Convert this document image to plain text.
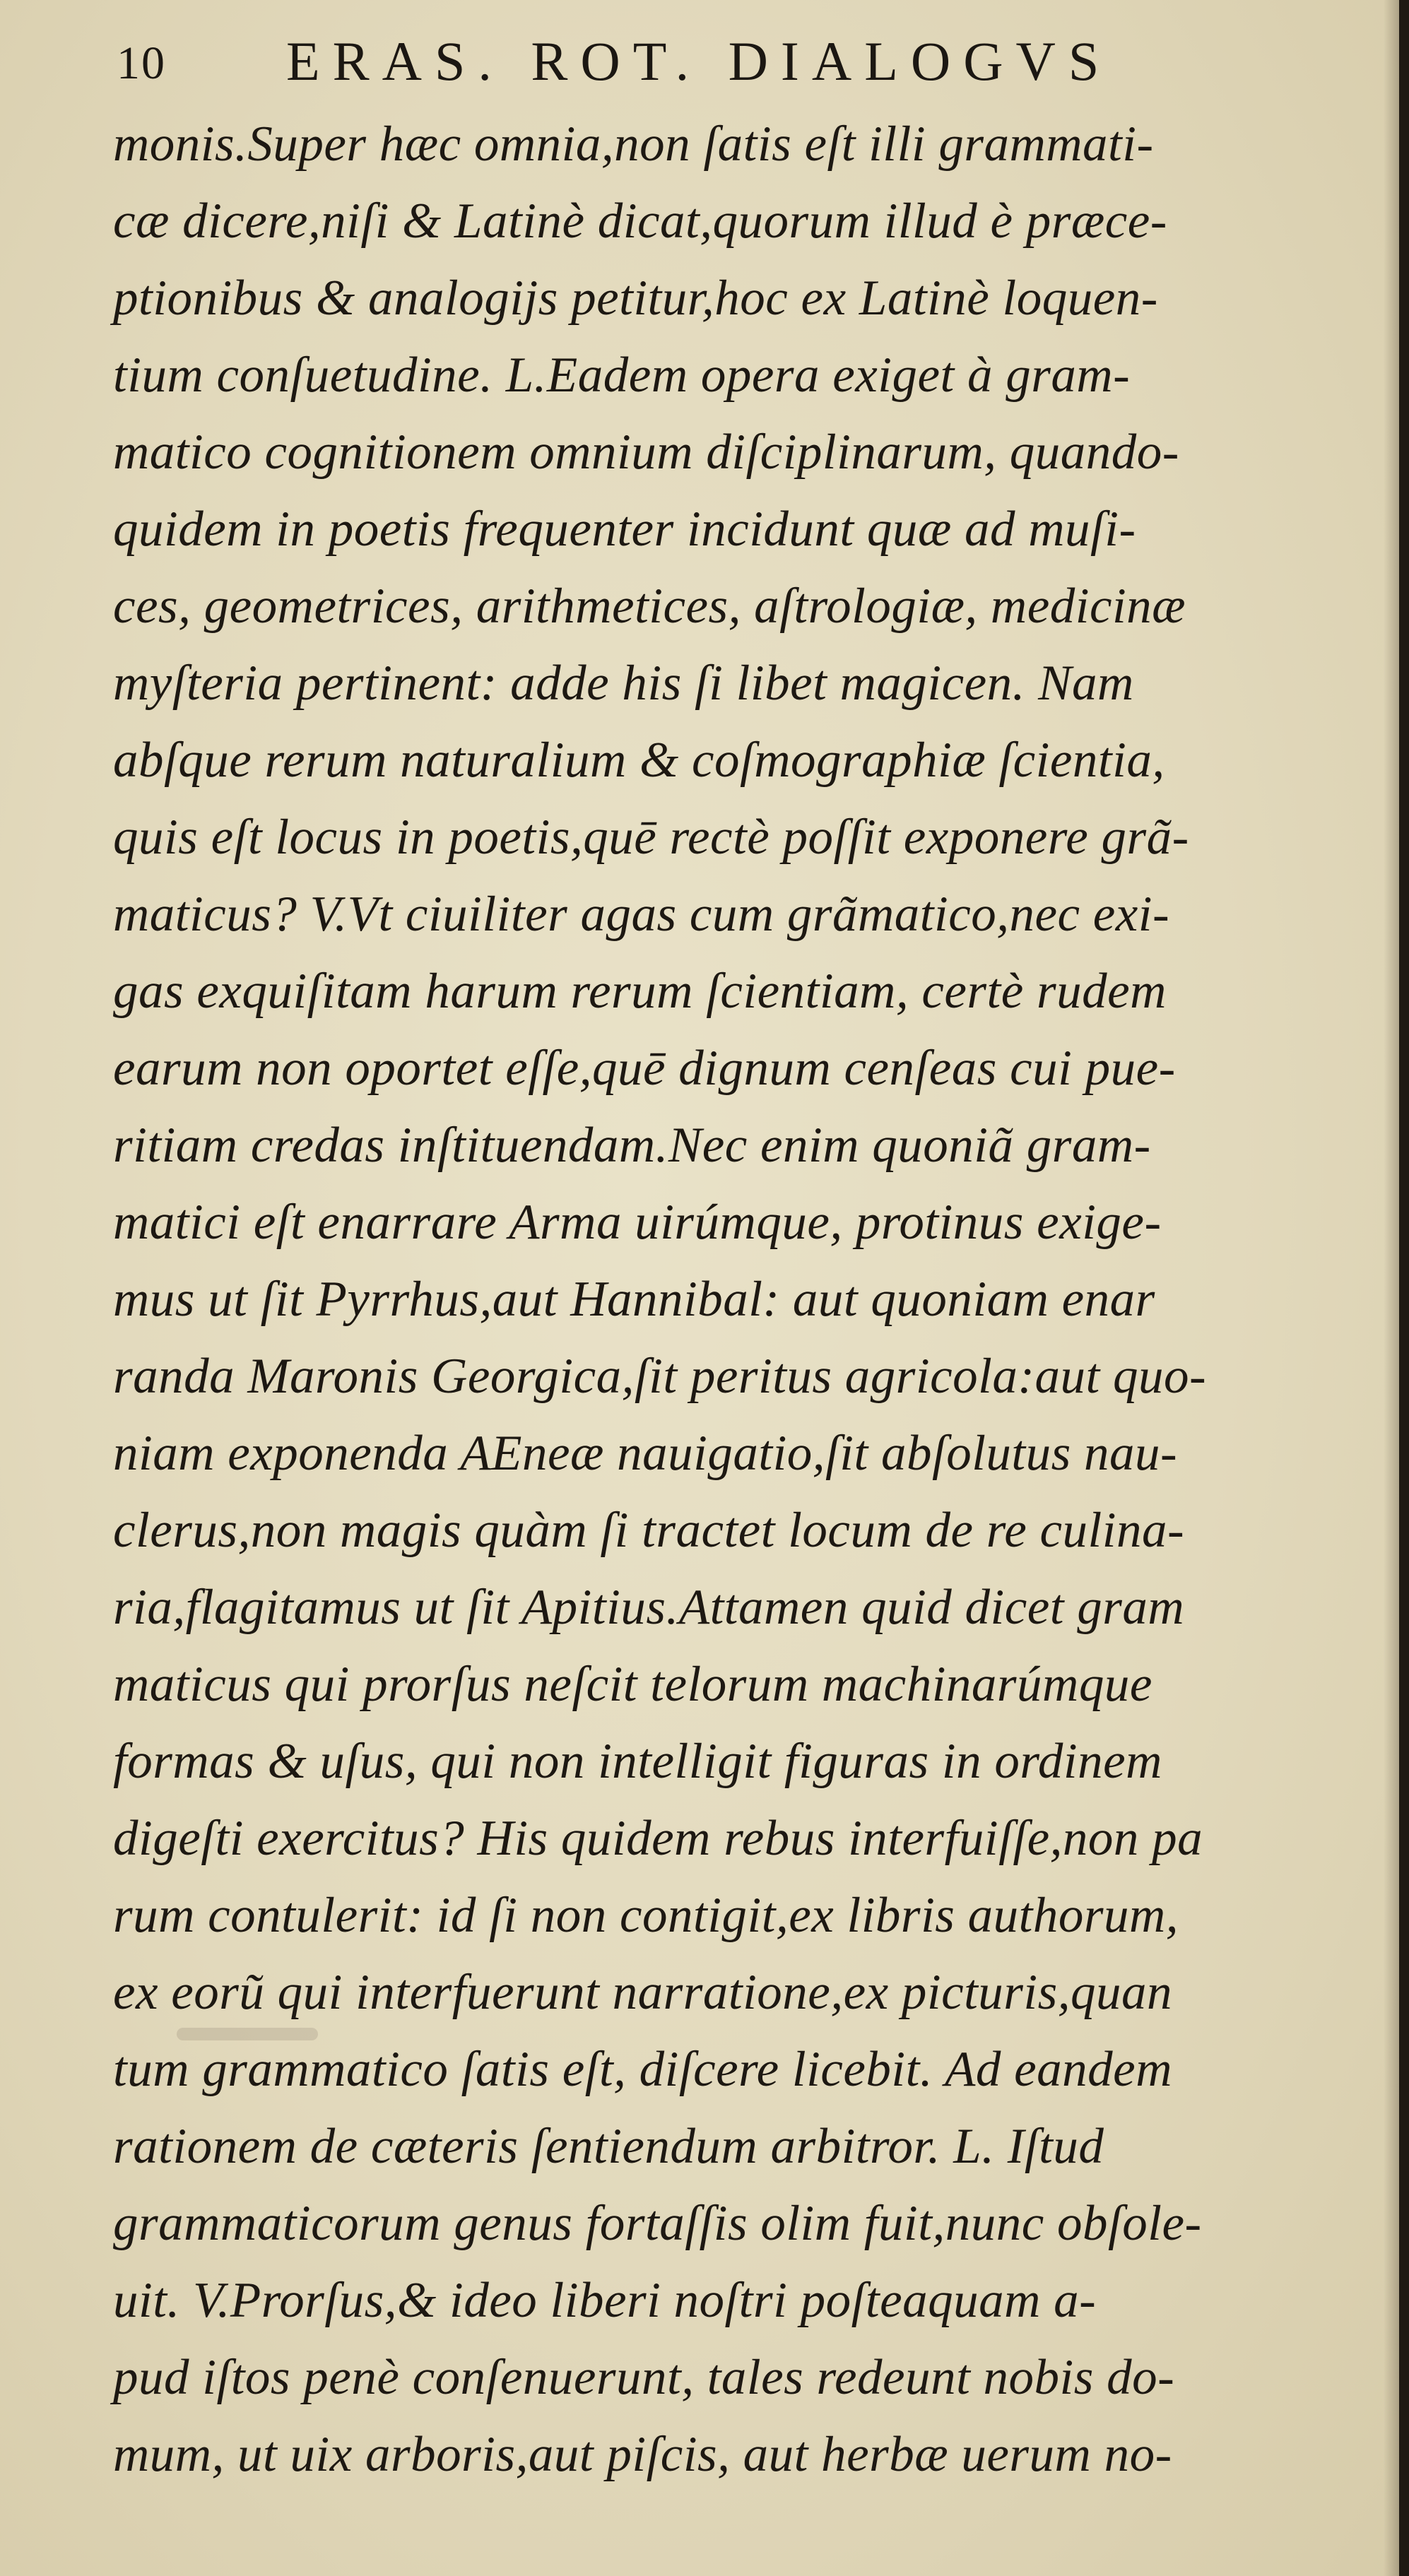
10 ERAS. ROT. DIALOGVS
monis.Super hæc omnia,non ſatis eſt illi grammati-
cæ dicere,niſi & Latinè dicat,quorum illud è præce-
ptionibus & analogijs petitur,hoc ex Latinè loquen-
tium conſuetudine. L.Eadem opera exiget à gram-
matico cognitionem omnium diſciplinarum, quando-
quidem in poetis frequenter incidunt quæ ad muſi-
ces, geometrices, arithmetices, aſtrologiæ, medicinæ
myſteria pertinent: adde his ſi libet magicen. Nam
abſque rerum naturalium & coſmographiæ ſcientia,
quis eſt locus in poetis,quē rectè poſſit exponere grã-
maticus? V.Vt ciuiliter agas cum grãmatico,nec exi-
gas exquiſitam harum rerum ſcientiam, certè rudem
earum non oportet eſſe,quē dignum cenſeas cui pue-
ritiam credas inſtituendam.Nec enim quoniã gram-
matici eſt enarrare Arma uirúmque, protinus exige-
mus ut ſit Pyrrhus,aut Hannibal: aut quoniam enar
randa Maronis Georgica,ſit peritus agricola:aut quo-
niam exponenda AEneæ nauigatio,ſit abſolutus nau-
clerus,non magis quàm ſi tractet locum de re culina-
ria,flagitamus ut ſit Apitius.Attamen quid dicet gram
maticus qui prorſus neſcit telorum machinarúmque
formas & uſus, qui non intelligit figuras in ordinem
digeſti exercitus? His quidem rebus interfuiſſe,non pa
rum contulerit: id ſi non contigit,ex libris authorum,
ex eorũ qui interfuerunt narratione,ex picturis,quan
tum grammatico ſatis eſt, diſcere licebit. Ad eandem
rationem de cæteris ſentiendum arbitror. L. Iſtud
grammaticorum genus fortaſſis olim fuit,nunc obſole-
uit. V.Prorſus,& ideo liberi noſtri poſteaquam a-
pud iſtos penè conſenuerunt, tales redeunt nobis do-
mum, ut uix arboris,aut piſcis, aut herbæ uerum no-
